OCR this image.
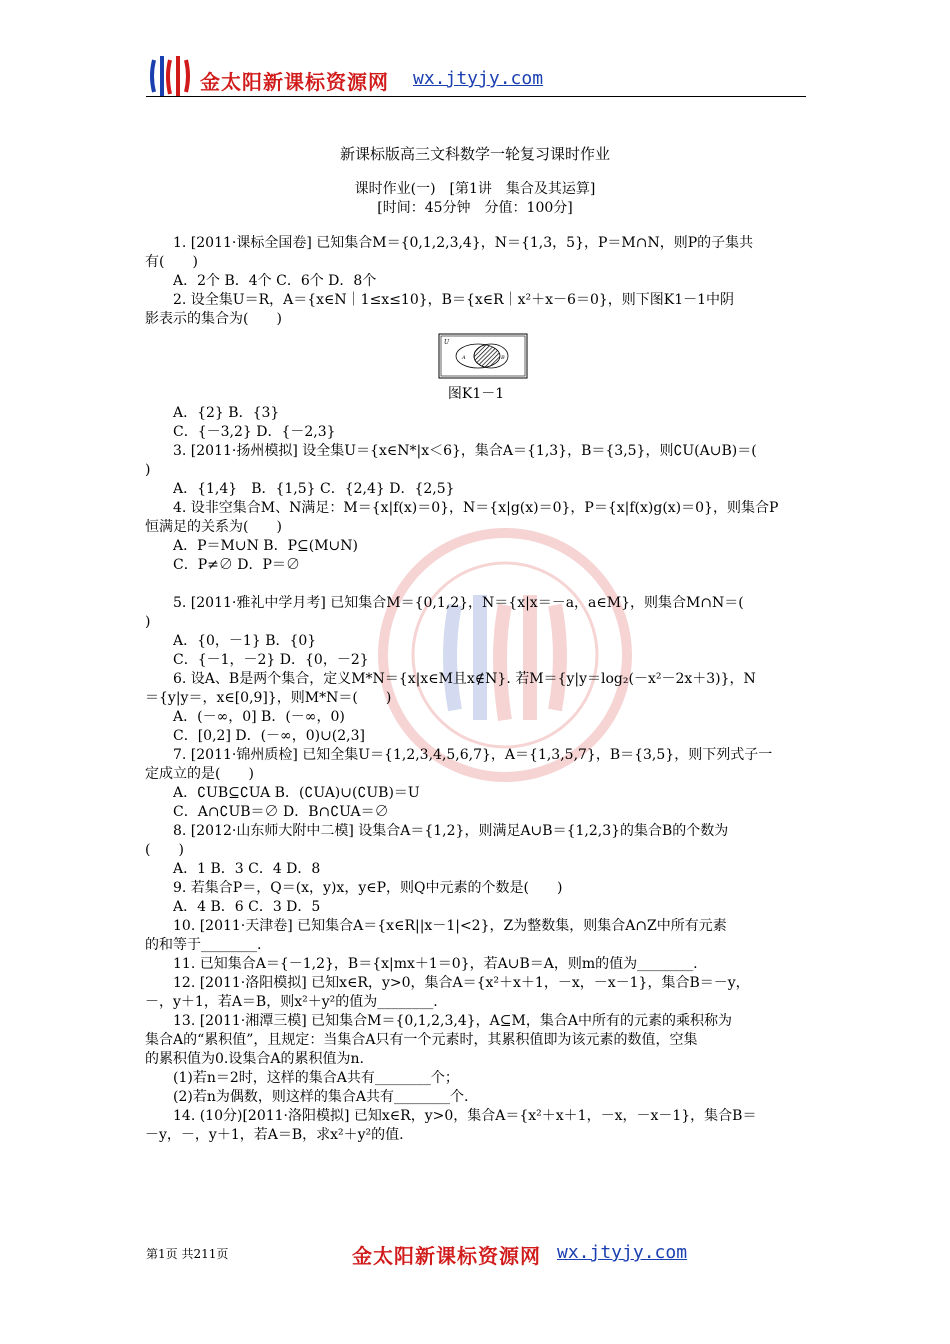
金太阳新课标资源网 wx.jtyjy.com
新课标版高三文科数学一轮复习课时作业
课时作业(一)　[第1讲　集合及其运算]
[时间：45分钟　分值：100分]

1. [2011·课标全国卷] 已知集合M＝{0,1,2,3,4}，N＝{1,3，5}，P＝M∩N，则P的子集共

有(　　)

A．2个 B．4个 C．6个 D．8个

2. 设全集U＝R，A＝{x∈N｜1≤x≤10}，B＝{x∈R｜x²＋x－6＝0}，则下图K1－1中阴

影表示的集合为(　　)

U
A	B

图K1－1

A．{2} B．{3}

C．{－3,2} D．{－2,3}

3. [2011·扬州模拟] 设全集U＝{x∈N*|x＜6}，集合A＝{1,3}，B＝{3,5}，则∁U(A∪B)＝(

)

A．{1,4}　B．{1,5} C．{2,4} D．{2,5}

4. 设非空集合M、N满足：M＝{x|f(x)＝0}，N＝{x|g(x)＝0}，P＝{x|f(x)g(x)＝0}，则集合P

恒满足的关系为(　　)

A．P＝M∪N B．P⊆(M∪N)

C．P≠∅ D．P＝∅

5. [2011·雅礼中学月考] 已知集合M＝{0,1,2}，N＝{x|x＝－a，a∈M}，则集合M∩N＝(

)

A．{0，－1} B．{0}

C．{－1，－2} D．{0，－2}

6. 设A、B是两个集合，定义M*N＝{x|x∈M且x∉N}. 若M＝{y|y＝log₂(－x²－2x＋3)}，N

＝{y|y＝，x∈[0,9]}，则M*N＝(　　)

A．(－∞，0] B．(－∞，0)

C．[0,2] D．(－∞，0)∪(2,3]

7. [2011·锦州质检] 已知全集U＝{1,2,3,4,5,6,7}，A＝{1,3,5,7}，B＝{3,5}，则下列式子一

定成立的是(　　)

A．∁UB⊆∁UA B．(∁UA)∪(∁UB)＝U

C．A∩∁UB＝∅ D．B∩∁UA＝∅

8. [2012·山东师大附中二模] 设集合A＝{1,2}，则满足A∪B＝{1,2,3}的集合B的个数为

(　　)

A．1 B．3 C．4 D．8

9. 若集合P＝，Q＝(x，y)x，y∈P，则Q中元素的个数是(　　)

A．4 B．6 C．3 D．5

10. [2011·天津卷] 已知集合A＝{x∈R||x－1|<2}，Z为整数集，则集合A∩Z中所有元素

的和等于________.

11. 已知集合A＝{－1,2}，B＝{x|mx＋1＝0}，若A∪B＝A，则m的值为________.

12. [2011·洛阳模拟] 已知x∈R，y>0，集合A＝{x²＋x＋1，－x，－x－1}，集合B＝－y，

－，y＋1，若A＝B，则x²＋y²的值为________.

13. [2011·湘潭三模] 已知集合M＝{0,1,2,3,4}，A⊆M，集合A中所有的元素的乘积称为

集合A的“累积值”，且规定：当集合A只有一个元素时，其累积值即为该元素的数值，空集

的累积值为0.设集合A的累积值为n.

(1)若n＝2时，这样的集合A共有________个；

(2)若n为偶数，则这样的集合A共有________个.

14. (10分)[2011·洛阳模拟] 已知x∈R，y>0，集合A＝{x²＋x＋1，－x，－x－1}，集合B＝

－y，－，y＋1，若A＝B，求x²＋y²的值.

第1页 共211页	金太阳新课标资源网 wx.jtyjy.com
